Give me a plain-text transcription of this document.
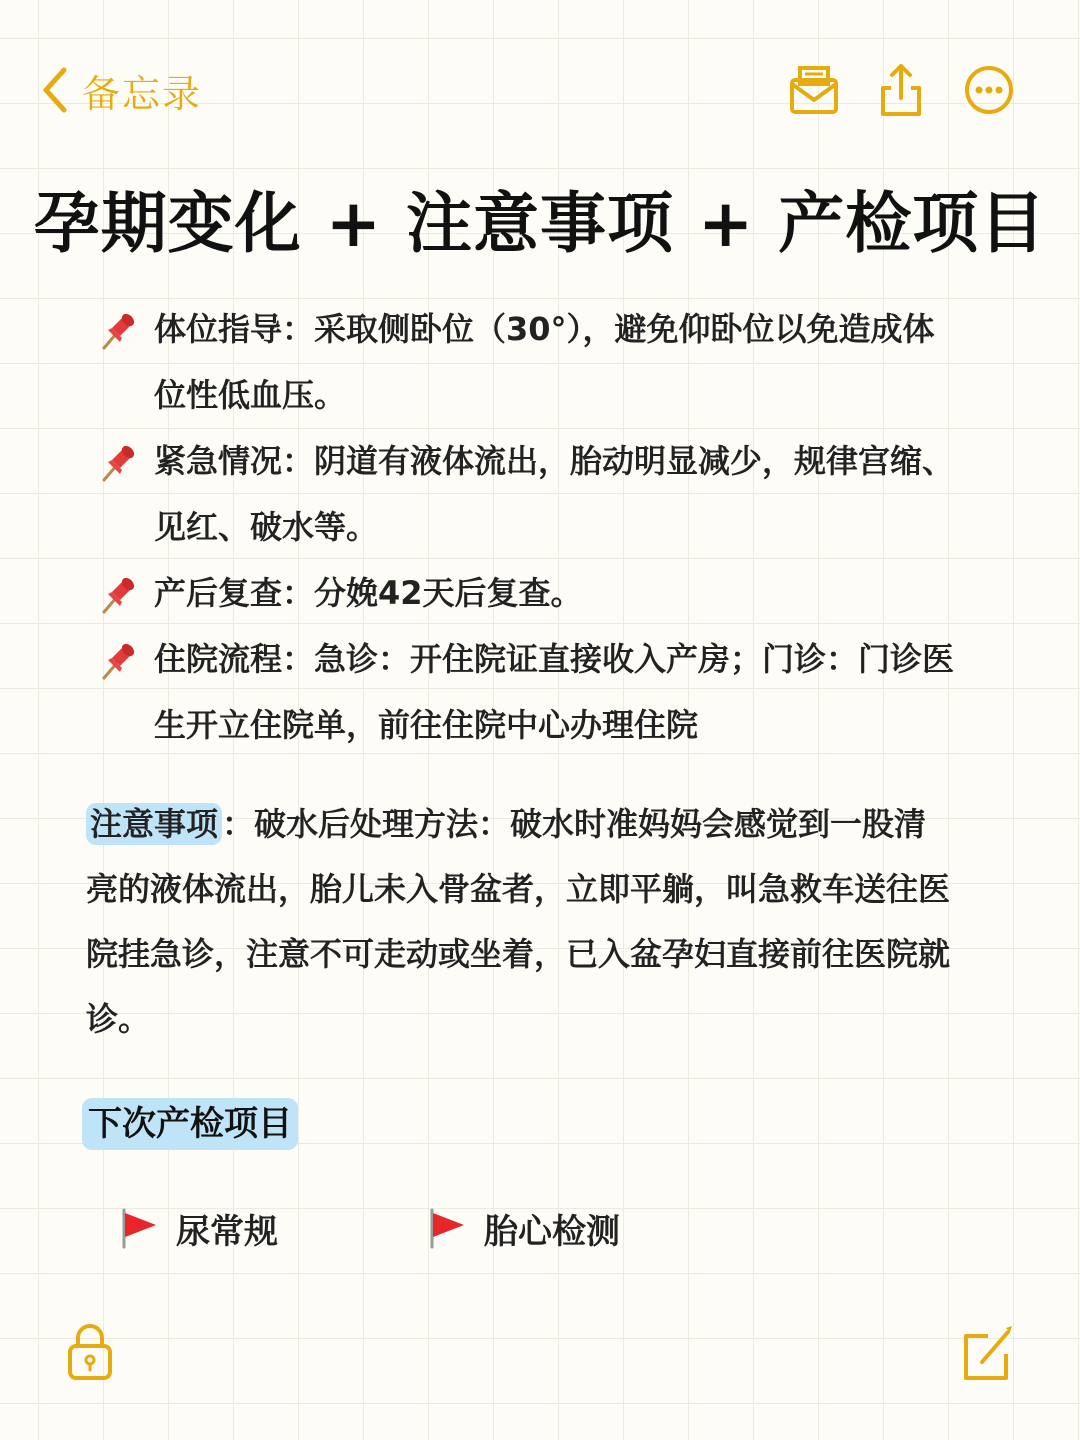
备忘录
孕期变化 + 注意事项 + 产检项目
体位指导：采取侧卧位（30°），避免仰卧位以免造成体位性低血压。
紧急情况：阴道有液体流出，胎动明显减少，规律宫缩、见红、破水等。
产后复查：分娩42天后复查。
住院流程：急诊：开住院证直接收入产房；门诊：门诊医生开立住院单，前往住院中心办理住院
注意事项 ：破水后处理方法：破水时准妈妈会感觉到一股清亮的液体流出，胎儿未入骨盆者，立即平躺，叫急救车送往医院挂急诊，注意不可走动或坐着，已入盆孕妇直接前往医院就诊。
下次产检项目
尿常规	胎心检测
